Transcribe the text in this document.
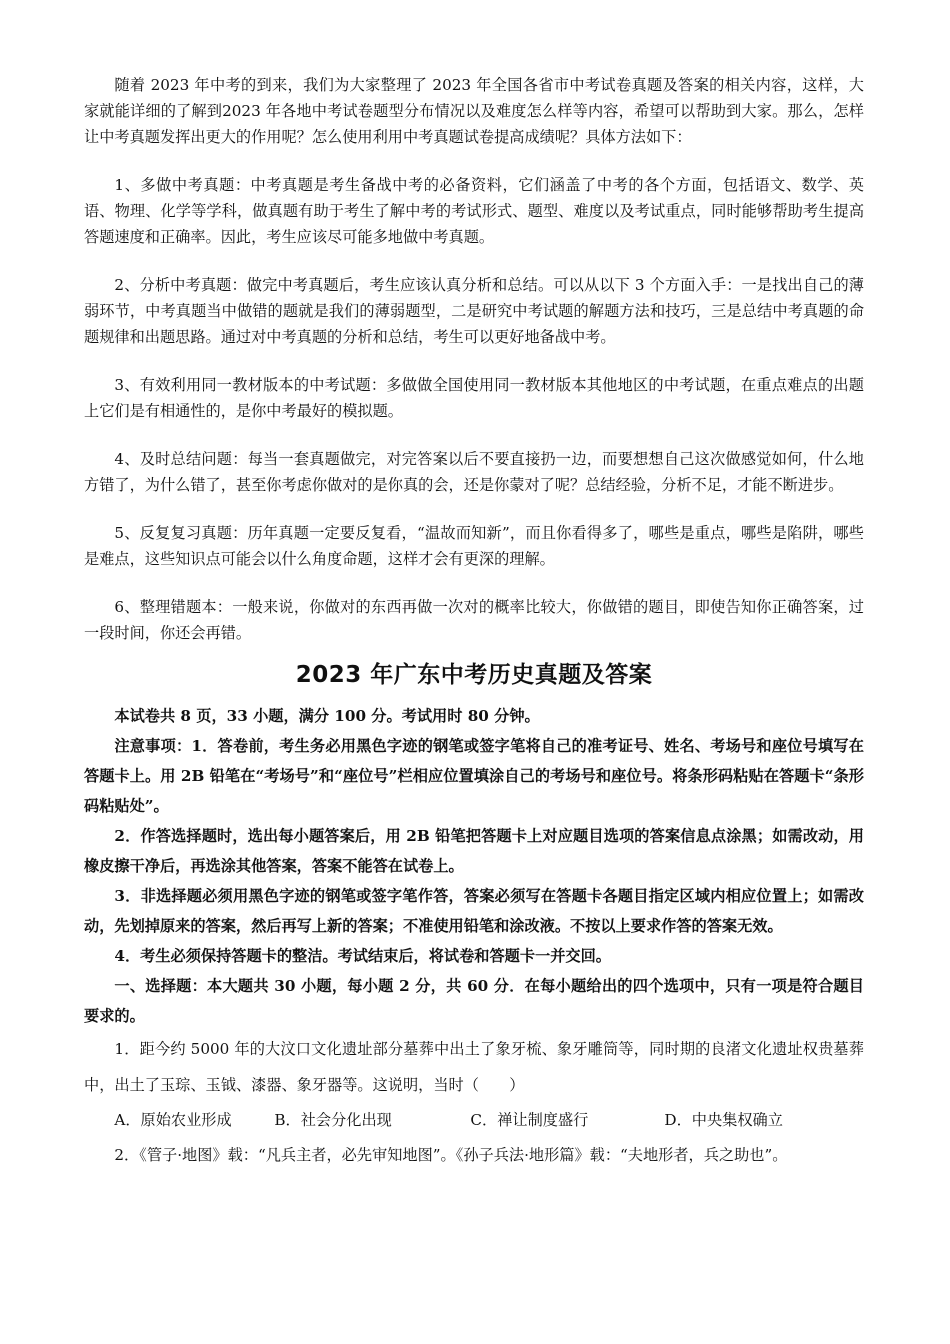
随着 2023 年中考的到来，我们为大家整理了 2023 年全国各省市中考试卷真题及答案的相关内容，这样，大家就能详细的了解到2023 年各地中考试卷题型分布情况以及难度怎么样等内容，希望可以帮助到大家。那么，怎样让中考真题发挥出更大的作用呢？怎么使用利用中考真题试卷提高成绩呢？具体方法如下：

1、多做中考真题：中考真题是考生备战中考的必备资料，它们涵盖了中考的各个方面，包括语文、数学、英语、物理、化学等学科，做真题有助于考生了解中考的考试形式、题型、难度以及考试重点，同时能够帮助考生提高答题速度和正确率。因此，考生应该尽可能多地做中考真题。

2、分析中考真题：做完中考真题后，考生应该认真分析和总结。可以从以下 3 个方面入手：一是找出自己的薄弱环节，中考真题当中做错的题就是我们的薄弱题型，二是研究中考试题的解题方法和技巧，三是总结中考真题的命题规律和出题思路。通过对中考真题的分析和总结，考生可以更好地备战中考。

3、有效利用同一教材版本的中考试题：多做做全国使用同一教材版本其他地区的中考试题，在重点难点的出题上它们是有相通性的，是你中考最好的模拟题。

4、及时总结问题：每当一套真题做完，对完答案以后不要直接扔一边，而要想想自己这次做感觉如何，什么地方错了，为什么错了，甚至你考虑你做对的是你真的会，还是你蒙对了呢？总结经验，分析不足，才能不断进步。

5、反复复习真题：历年真题一定要反复看，“温故而知新”，而且你看得多了，哪些是重点，哪些是陷阱，哪些是难点，这些知识点可能会以什么角度命题，这样才会有更深的理解。

6、整理错题本：一般来说，你做对的东西再做一次对的概率比较大，你做错的题目，即使告知你正确答案，过一段时间，你还会再错。

2023 年广东中考历史真题及答案

本试卷共 8 页，33 小题，满分 100 分。考试用时 80 分钟。

注意事项：1．答卷前，考生务必用黑色字迹的钢笔或签字笔将自己的准考证号、姓名、考场号和座位号填写在答题卡上。用 2B 铅笔在“考场号”和“座位号”栏相应位置填涂自己的考场号和座位号。将条形码粘贴在答题卡“条形码粘贴处”。

2．作答选择题时，选出每小题答案后，用 2B 铅笔把答题卡上对应题目选项的答案信息点涂黑；如需改动，用橡皮擦干净后，再选涂其他答案，答案不能答在试卷上。

3．非选择题必须用黑色字迹的钢笔或签字笔作答，答案必须写在答题卡各题目指定区域内相应位置上；如需改动，先划掉原来的答案，然后再写上新的答案；不准使用铅笔和涂改液。不按以上要求作答的答案无效。

4．考生必须保持答题卡的整洁。考试结束后，将试卷和答题卡一并交回。

一、选择题：本大题共 30 小题，每小题 2 分，共 60 分．在每小题给出的四个选项中，只有一项是符合题目要求的。

1．距今约 5000 年的大汶口文化遗址部分墓葬中出土了象牙梳、象牙雕筒等，同时期的良渚文化遗址权贵墓葬中，出土了玉琮、玉钺、漆器、象牙器等。这说明，当时（　　）

A．原始农业形成	B．社会分化出现	C．禅让制度盛行	D．中央集权确立

2．《管子·地图》载：“凡兵主者，必先审知地图”。《孙子兵法·地形篇》载：“夫地形者，兵之助也”。
